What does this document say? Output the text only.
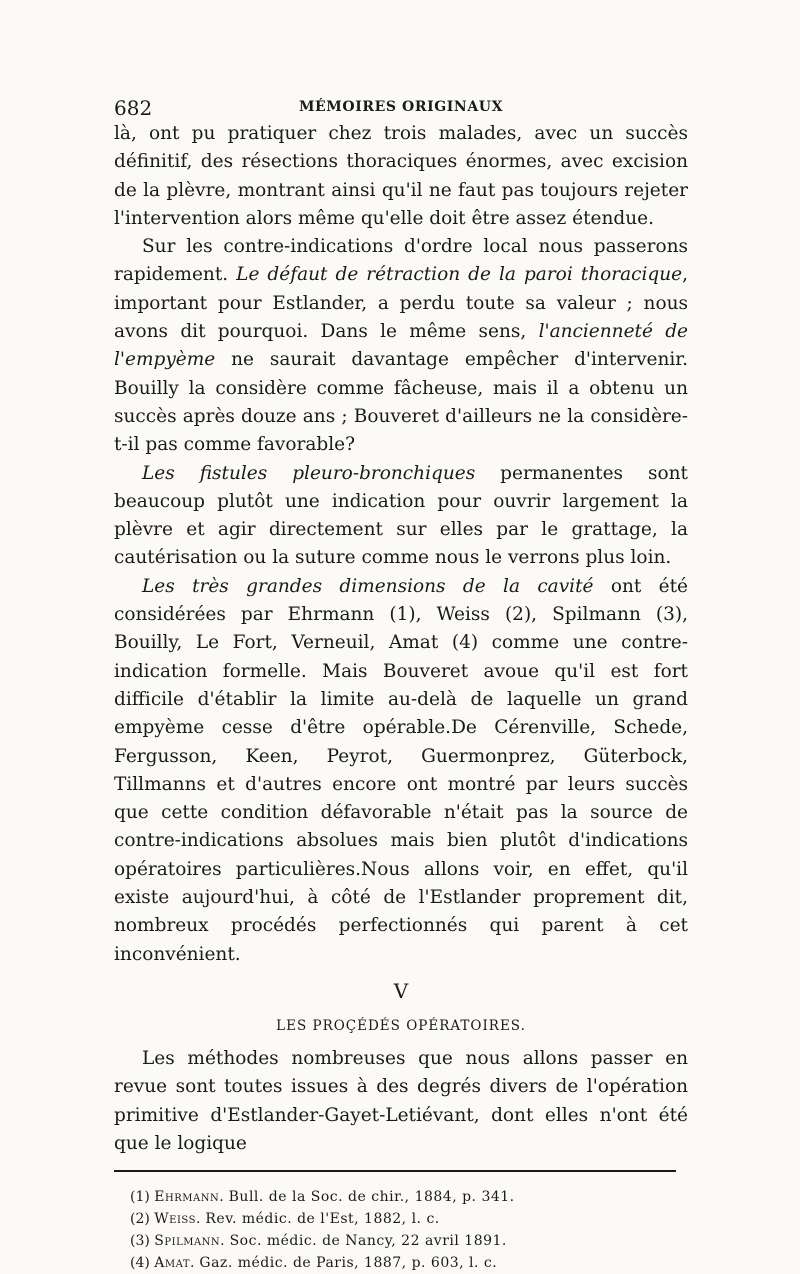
682	MÉMOIRES ORIGINAUX

là, ont pu pratiquer chez trois malades, avec un succès définitif, des résections thoraciques énormes, avec excision de la plèvre, montrant ainsi qu'il ne faut pas toujours rejeter l'intervention alors même qu'elle doit être assez étendue.

Sur les contre-indications d'ordre local nous passerons rapidement. Le défaut de rétraction de la paroi thoracique, important pour Estlander, a perdu toute sa valeur ; nous avons dit pourquoi. Dans le même sens, l'ancienneté de l'empyème ne saurait davantage empêcher d'intervenir. Bouilly la considère comme fâcheuse, mais il a obtenu un succès après douze ans ; Bouveret d'ailleurs ne la considère-t-il pas comme favorable?

Les fistules pleuro-bronchiques permanentes sont beaucoup plutôt une indication pour ouvrir largement la plèvre et agir directement sur elles par le grattage, la cautérisation ou la suture comme nous le verrons plus loin.

Les très grandes dimensions de la cavité ont été considérées par Ehrmann (1), Weiss (2), Spilmann (3), Bouilly, Le Fort, Verneuil, Amat (4) comme une contre-indication formelle. Mais Bouveret avoue qu'il est fort difficile d'établir la limite au-delà de laquelle un grand empyème cesse d'être opérable.De Cérenville, Schede, Fergusson, Keen, Peyrot, Guermonprez, Güterbock, Tillmanns et d'autres encore ont montré par leurs succès que cette condition défavorable n'était pas la source de contre-indications absolues mais bien plutôt d'indications opératoires particulières.Nous allons voir, en effet, qu'il existe aujourd'hui, à côté de l'Estlander proprement dit, nombreux procédés perfectionnés qui parent à cet inconvénient.

V
LES PROÇÉDÉS OPÉRATOIRES.

Les méthodes nombreuses que nous allons passer en revue sont toutes issues à des degrés divers de l'opération primitive d'Estlander-Gayet-Letiévant, dont elles n'ont été que le logique

(1) Ehrmann. Bull. de la Soc. de chir., 1884, p. 341.
(2) Weiss. Rev. médic. de l'Est, 1882, l. c.
(3) Spilmann. Soc. médic. de Nancy, 22 avril 1891.
(4) Amat. Gaz. médic. de Paris, 1887, p. 603, l. c.
